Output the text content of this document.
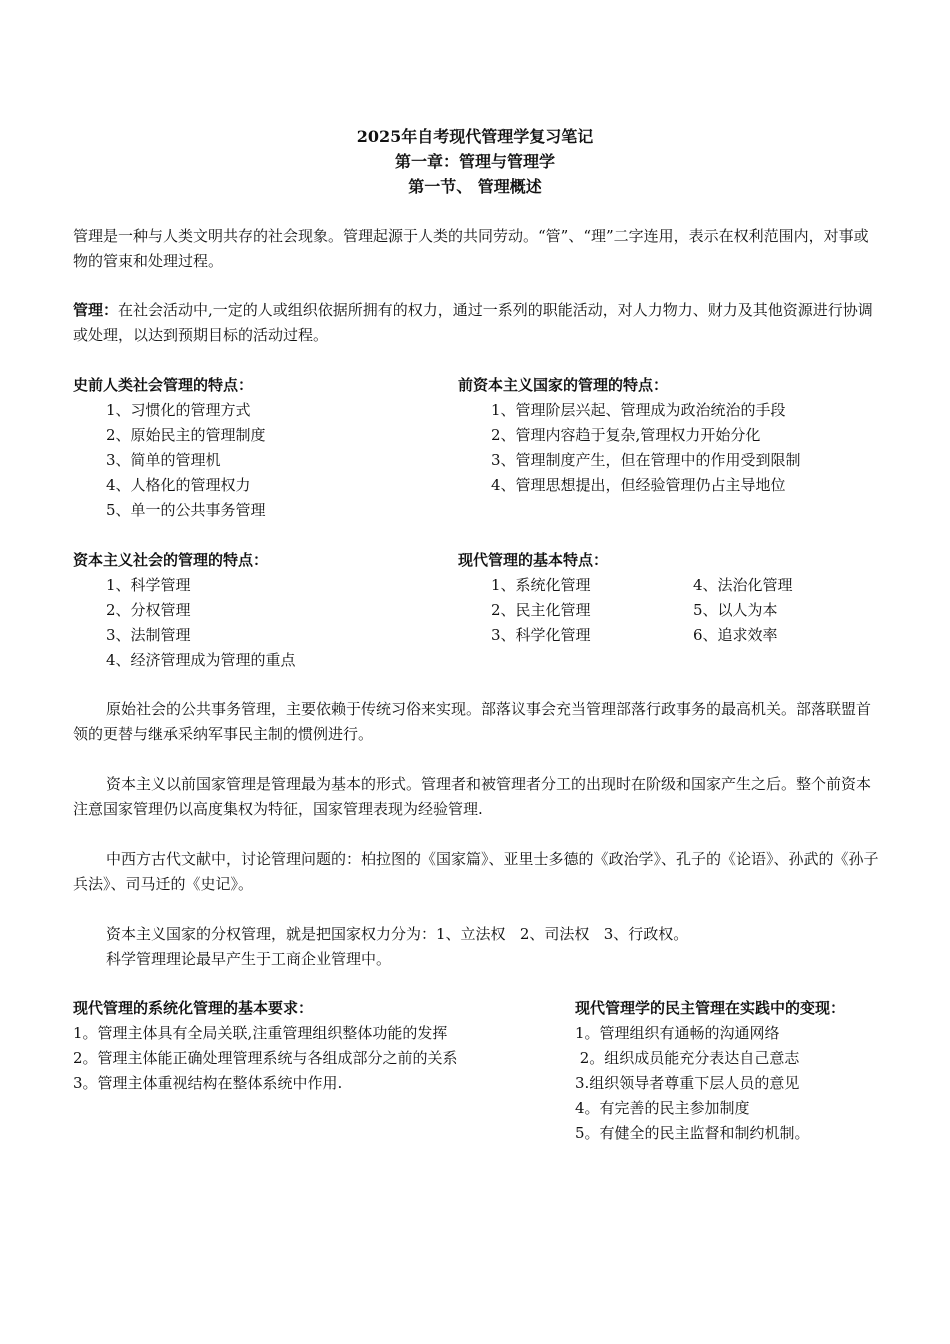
2025年自考现代管理学复习笔记
第一章：管理与管理学
第一节、 管理概述

管理是一种与人类文明共存的社会现象。管理起源于人类的共同劳动。“管”、“理”二字连用，表示在权利范围内，对事或物的管束和处理过程。

管理：在社会活动中,一定的人或组织依据所拥有的权力，通过一系列的职能活动，对人力物力、财力及其他资源进行协调或处理，以达到预期目标的活动过程。

史前人类社会管理的特点：
1、习惯化的管理方式
2、原始民主的管理制度
3、简单的管理机
4、人格化的管理权力
5、单一的公共事务管理
前资本主义国家的管理的特点：
1、管理阶层兴起、管理成为政治统治的手段
2、管理内容趋于复杂,管理权力开始分化
3、管理制度产生，但在管理中的作用受到限制
4、管理思想提出，但经验管理仍占主导地位
资本主义社会的管理的特点：
1、科学管理
2、分权管理
3、法制管理
4、经济管理成为管理的重点
现代管理的基本特点：
1、系统化管理	4、法治化管理
2、民主化管理	5、以人为本
3、科学化管理	6、追求效率

原始社会的公共事务管理，主要依赖于传统习俗来实现。部落议事会充当管理部落行政事务的最高机关。部落联盟首领的更替与继承采纳军事民主制的惯例进行。

资本主义以前国家管理是管理最为基本的形式。管理者和被管理者分工的出现时在阶级和国家产生之后。整个前资本注意国家管理仍以高度集权为特征，国家管理表现为经验管理.

中西方古代文献中，讨论管理问题的：柏拉图的《国家篇》、亚里士多德的《政治学》、孔子的《论语》、孙武的《孙子兵法》、司马迁的《史记》。

资本主义国家的分权管理，就是把国家权力分为：1、立法权   2、司法权   3、行政权。

科学管理理论最早产生于工商企业管理中。

现代管理的系统化管理的基本要求：
1。管理主体具有全局关联,注重管理组织整体功能的发挥
2。管理主体能正确处理管理系统与各组成部分之前的关系
3。管理主体重视结构在整体系统中作用.
现代管理学的民主管理在实践中的变现：
1。管理组织有通畅的沟通网络
2。组织成员能充分表达自己意志
3.组织领导者尊重下层人员的意见
4。有完善的民主参加制度
5。有健全的民主监督和制约机制。
